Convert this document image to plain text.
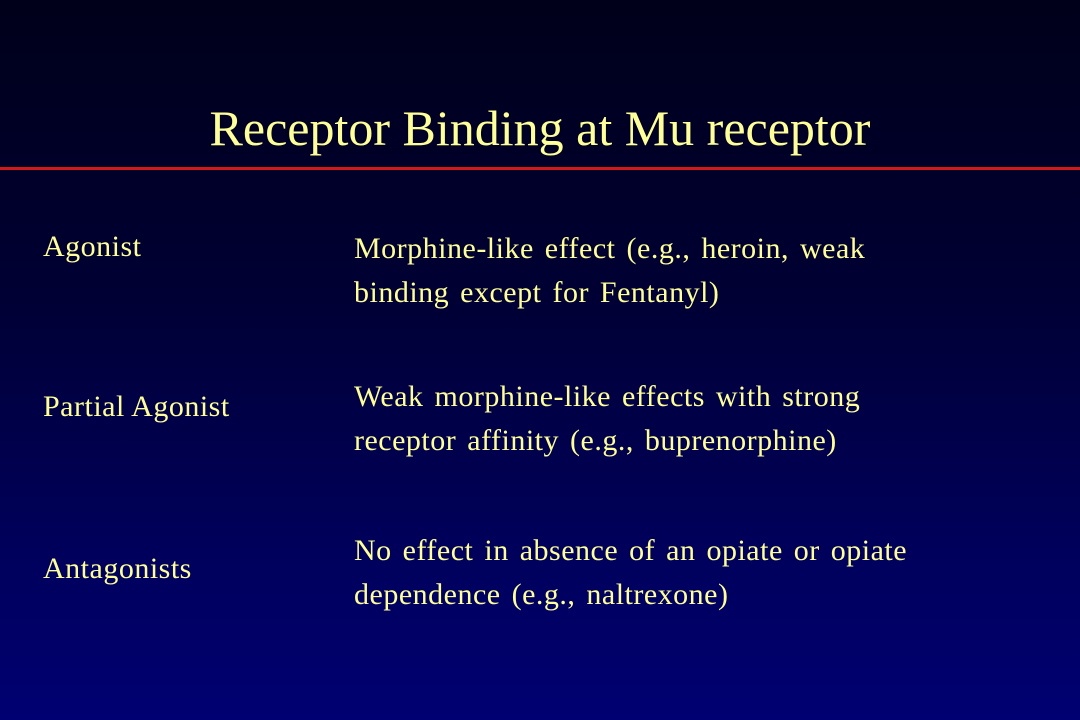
Receptor Binding at Mu receptor
Agonist	Morphine-like effect (e.g., heroin, weak
binding except for Fentanyl)
Partial Agonist	Weak morphine-like effects with strong
receptor affinity (e.g., buprenorphine)
Antagonists
No effect in absence of an opiate or opiate
dependence (e.g., naltrexone)
